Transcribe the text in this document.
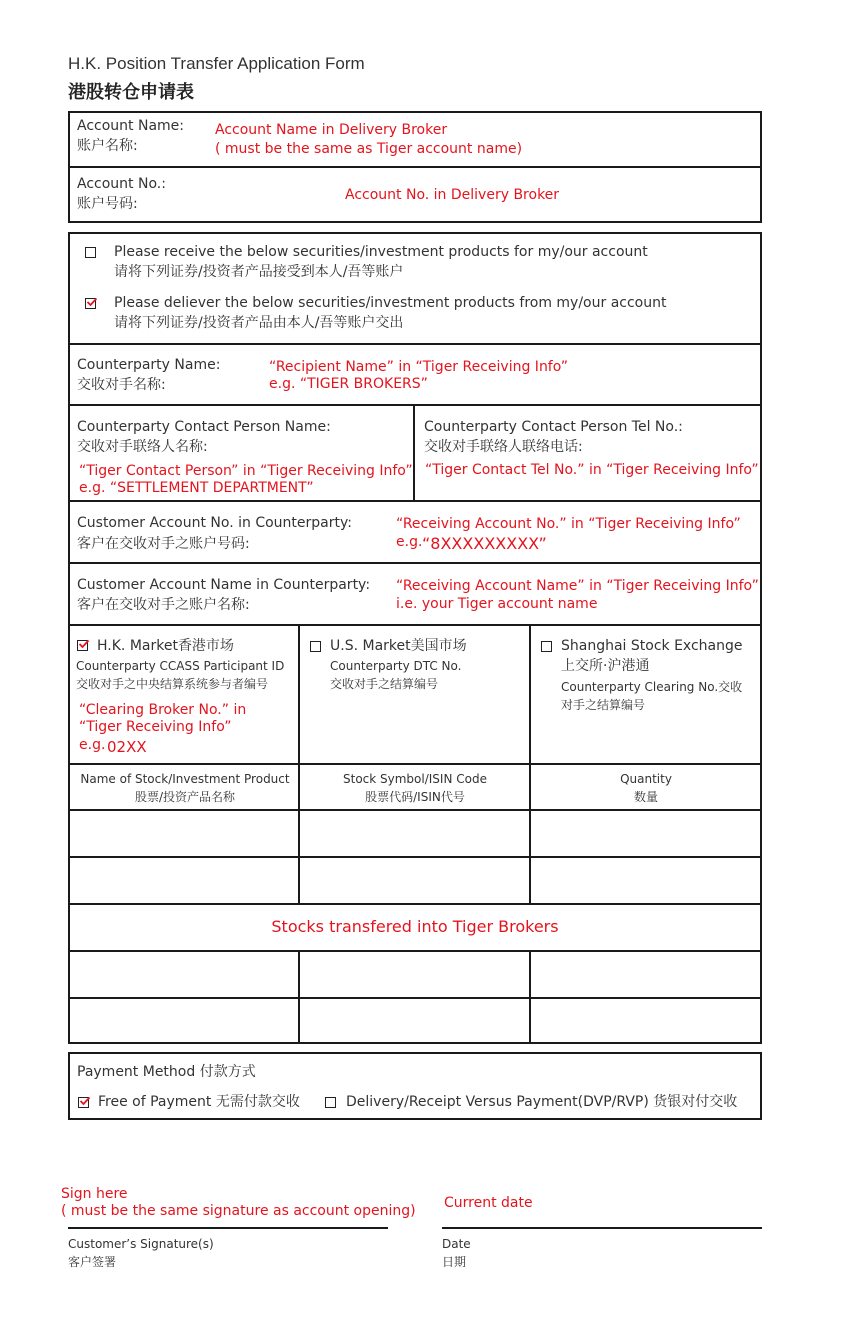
H.K. Position Transfer Application Form
港股转仓申请表
Account Name:
账户名称:
Account Name in Delivery Broker
( must be the same as Tiger account name)
Account No.:
账户号码:
Account No. in Delivery Broker
Please receive the below securities/investment products for my/our account
请将下列证券/投资者产品接受到本人/吾等账户
Please deliever the below securities/investment products from my/our account
请将下列证券/投资者产品由本人/吾等账户交出
Counterparty Name:
交收对手名称:
“Recipient Name” in “Tiger Receiving Info”
e.g. “TIGER BROKERS”
Counterparty Contact Person Name:
交收对手联络人名称:
“Tiger Contact Person” in “Tiger Receiving Info”
e.g. “SETTLEMENT DEPARTMENT”
Counterparty Contact Person Tel No.:
交收对手联络人联络电话:
“Tiger Contact Tel No.” in “Tiger Receiving Info”
Customer Account No. in Counterparty:
客户在交收对手之账户号码:
“Receiving Account No.” in “Tiger Receiving Info”
e.g. “8XXXXXXXXX”
Customer Account Name in Counterparty:
客户在交收对手之账户名称:
“Receiving Account Name” in “Tiger Receiving Info”
i.e. your Tiger account name
H.K. Market香港市场
Counterparty CCASS Participant ID
交收对手之中央结算系统参与者编号
“Clearing Broker No.” in
“Tiger Receiving Info”
e.g. 02XX
U.S. Market美国市场
Counterparty DTC No.
交收对手之结算编号
Shanghai Stock Exchange
上交所·沪港通
Counterparty Clearing No.交收
对手之结算编号
Name of Stock/Investment Product
股票/投资产品名称
Stock Symbol/ISIN Code
股票代码/ISIN代号
Quantity
数量
Stocks transfered into Tiger Brokers
Payment Method 付款方式
Free of Payment 无需付款交收	Delivery/Receipt Versus Payment(DVP/RVP) 货银对付交收
Sign here
( must be the same signature as account opening)
Customer’s Signature(s)
客户签署
Current date
Date
日期
